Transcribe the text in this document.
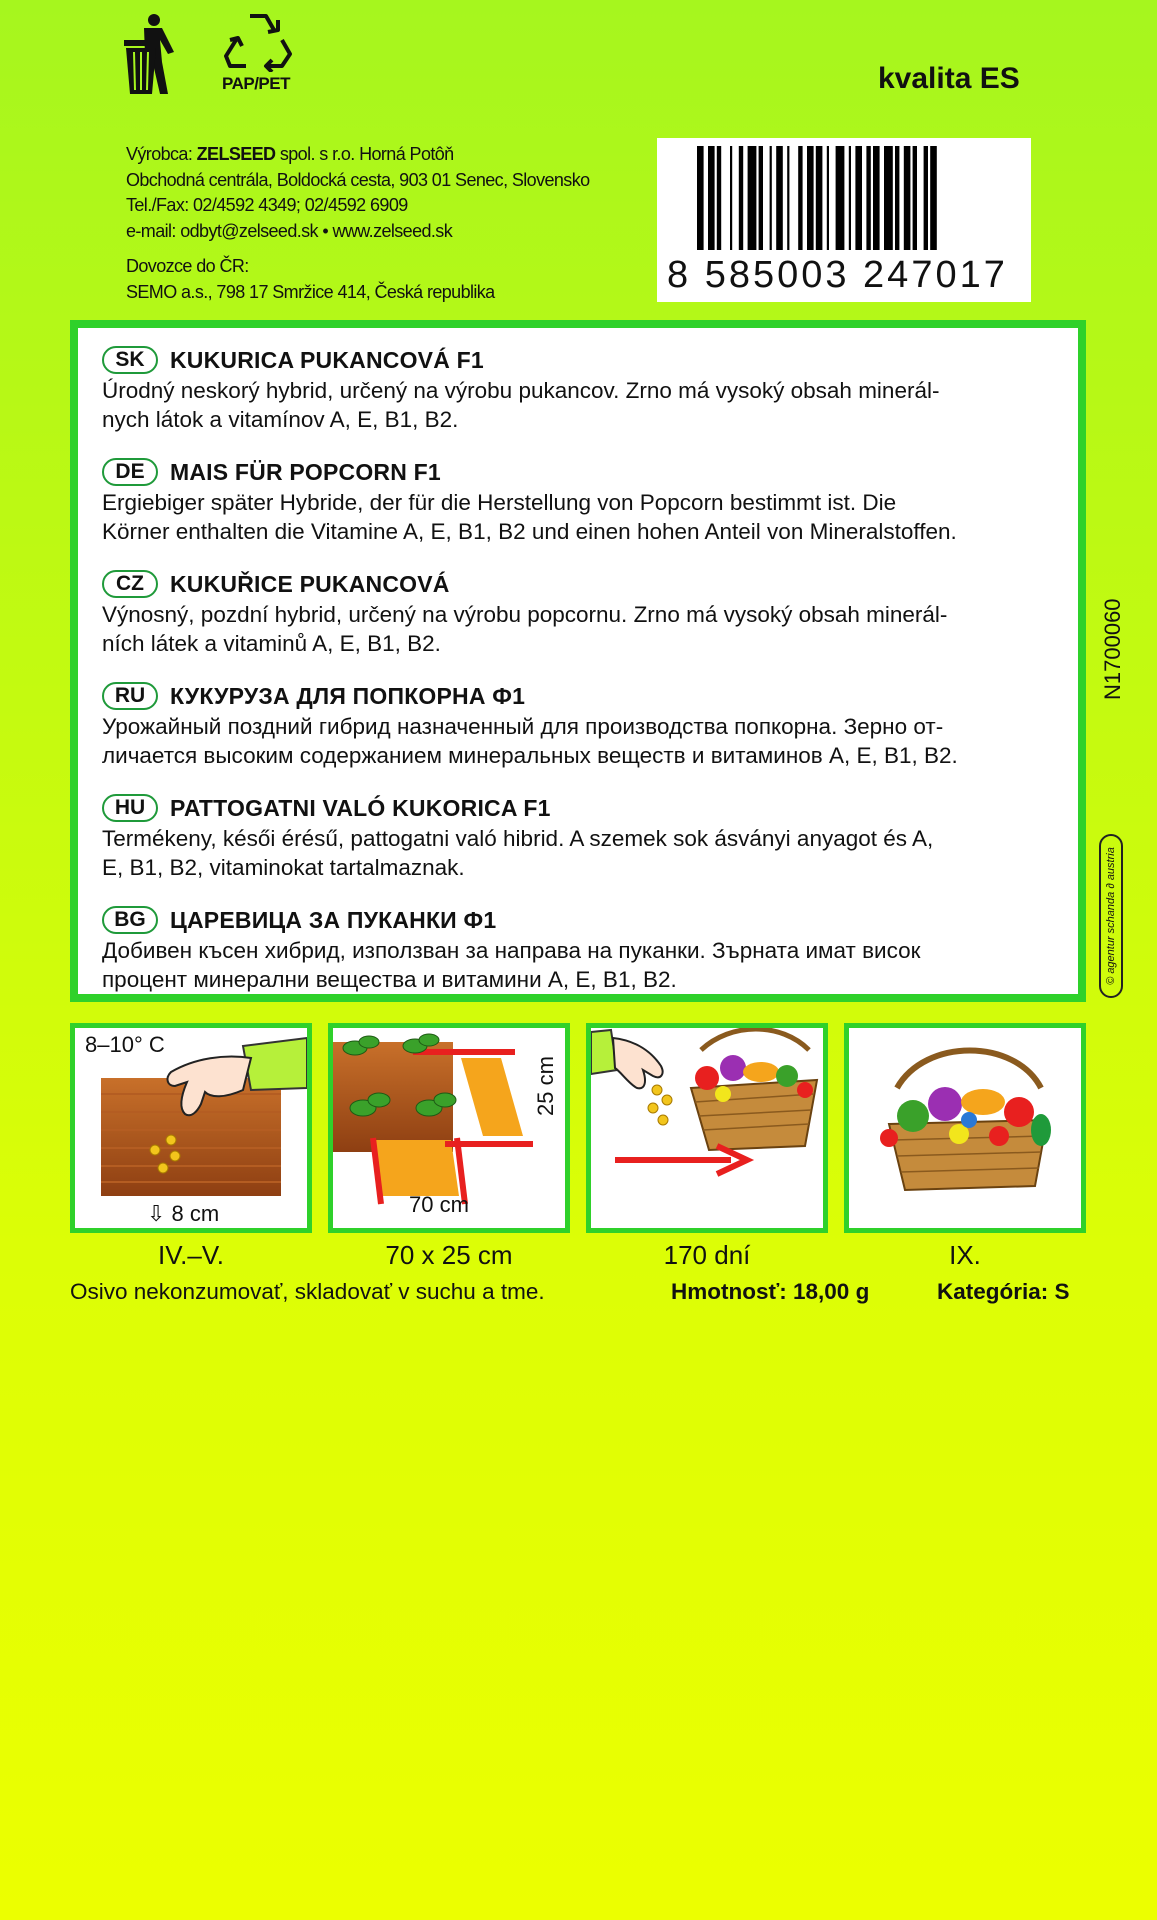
PAP/PET	kvalita ES
Výrobca: ZELSEED spol. s r.o. Horná Potôň
Obchodná centrála, Boldocká cesta, 903 01 Senec, Slovensko
Tel./Fax: 02/4592 4349; 02/4592 6909
e-mail: odbyt@zelseed.sk • www.zelseed.sk
Dovozce do ČR:
SEMO a.s., 798 17 Smržice 414, Česká republika	8 585003 247017
SK	KUKURICA PUKANCOVÁ F1
Úrodný neskorý hybrid, určený na výrobu pukancov. Zrno má vysoký obsah minerál-
nych látok a vitamínov A, E, B1, B2.
DE	MAIS FÜR POPCORN F1
Ergiebiger später Hybride, der für die Herstellung von Popcorn bestimmt ist. Die
Körner enthalten die Vitamine A, E, B1, B2 und einen hohen Anteil von Mineralstoffen.
CZ	KUKUŘICE PUKANCOVÁ
Výnosný, pozdní hybrid, určený na výrobu popcornu. Zrno má vysoký obsah minerál-
ních látek a vitaminů A, E, B1, B2.
RU	КУКУРУЗА ДЛЯ ПОПКОРНА Ф1
Урожайный поздний гибрид назначенный для производства попкорна. Зерно от-
личается высоким содержанием минеральных веществ и витаминов A, E, B1, B2.
HU	PATTOGATNI VALÓ KUKORICA F1
Termékeny, késői érésű, pattogatni való hibrid. A szemek sok ásványi anyagot és A,
E, B1, B2, vitaminokat tartalmaznak.
BG	ЦАРЕВИЦА ЗА ПУКАНКИ Ф1
Добивен късен хибрид, използван за направа на пуканки. Зърната имат висок
процент минерални вещества и витамини A, E, B1, B2.
N1700060
© agentur schanda ∂ austria
8–10° C
⇩ 8 cm	70 cm
25 cm
IV.–V.	70 x 25 cm	170 dní	IX.
Osivo nekonzumovať, skladovať v suchu a tme.	Hmotnosť: 18,00 g	Kategória: S
